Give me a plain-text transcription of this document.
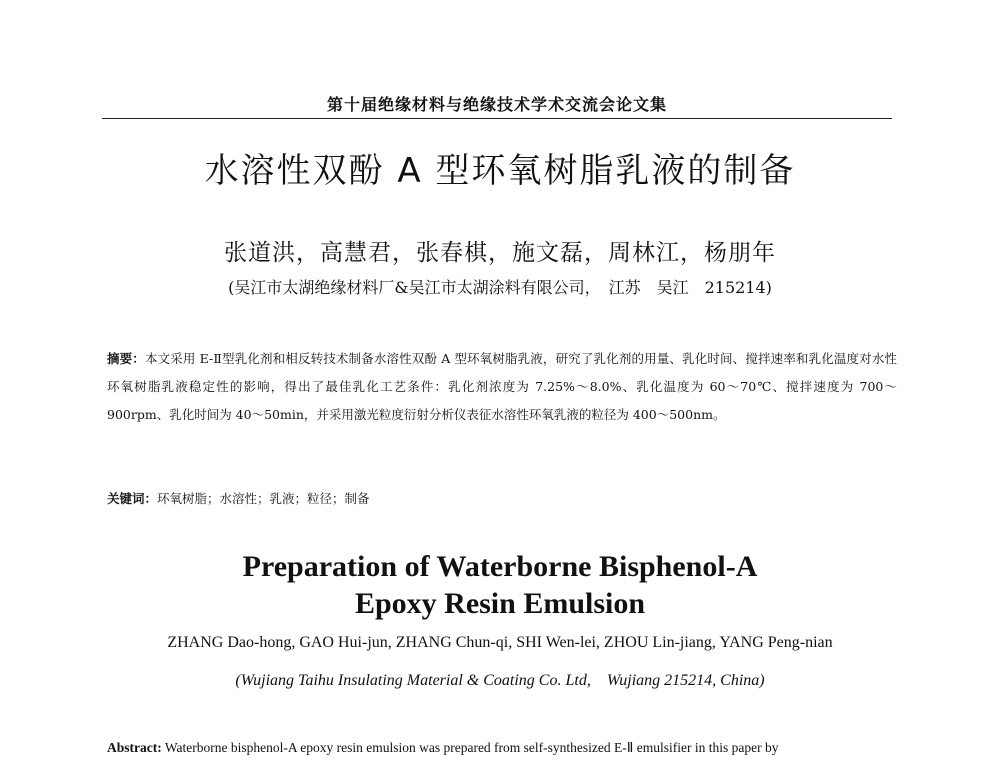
第十届绝缘材料与绝缘技术学术交流会论文集
水溶性双酚 A 型环氧树脂乳液的制备
张道洪，高慧君，张春棋，施文磊，周林江，杨朋年
(吴江市太湖绝缘材料厂&吴江市太湖涂料有限公司，　江苏　吴江　215214)
摘要：本文采用 E-Ⅱ型乳化剂和相反转技术制备水溶性双酚 A 型环氧树脂乳液，研究了乳化剂的用量、乳化时间、搅拌速率和乳化温度对水性环氧树脂乳液稳定性的影响，得出了最佳乳化工艺条件：乳化剂浓度为 7.25%～8.0%、乳化温度为 60～70℃、搅拌速度为 700～900rpm、乳化时间为 40～50min，并采用激光粒度衍射分析仪表征水溶性环氧乳液的粒径为 400～500nm。
关键词：环氧树脂；水溶性；乳液；粒径；制备
Preparation of Waterborne Bisphenol-A
Epoxy Resin Emulsion
ZHANG Dao-hong, GAO Hui-jun, ZHANG Chun-qi, SHI Wen-lei, ZHOU Lin-jiang, YANG Peng-nian
(Wujiang Taihu Insulating Material & Coating Co. Ltd,　Wujiang 215214, China)
Abstract: Waterborne bisphenol-A epoxy resin emulsion was prepared from self-synthesized E-Ⅱ emulsifier in this paper by
